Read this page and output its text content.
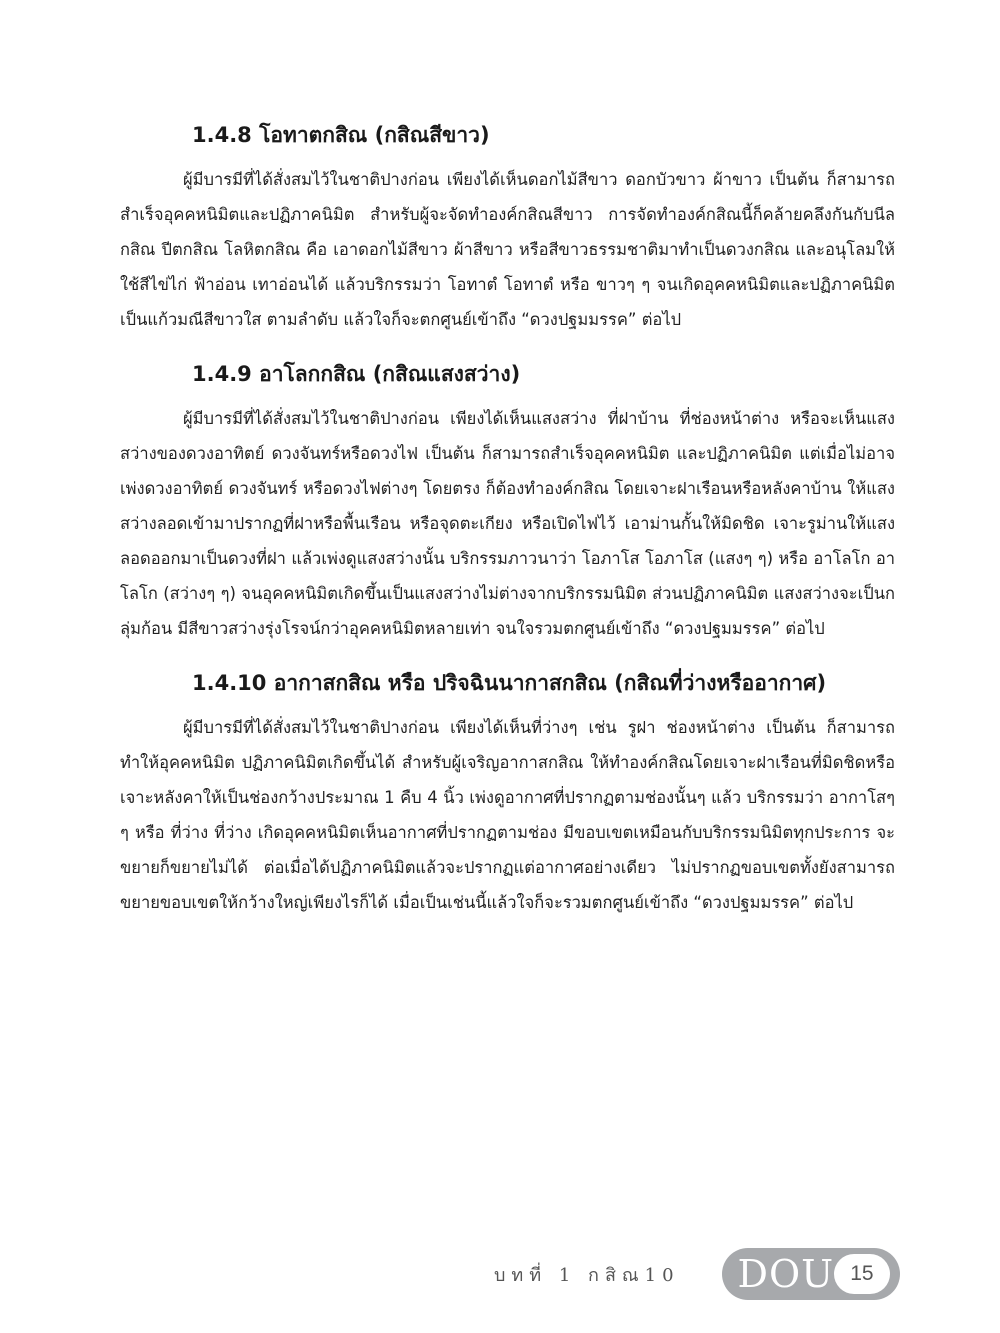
1.4.8 โอทาตกสิณ (กสิณสีขาว)

ผู้มีบารมีที่ได้สั่งสมไว้ในชาติปางก่อน เพียงได้เห็นดอกไม้สีขาว ดอกบัวขาว ผ้าขาว เป็นต้น ก็สามารถสำเร็จอุคคหนิมิตและปฏิภาคนิมิต สำหรับผู้จะจัดทำองค์กสิณสีขาว การจัดทำองค์กสิณนี้ก็คล้ายคลึงกันกับนีลกสิณ ปีตกสิณ โลหิตกสิณ คือ เอาดอกไม้สีขาว ผ้าสีขาว หรือสีขาวธรรมชาติมาทำเป็นดวงกสิณ และอนุโลมให้ใช้สีไข่ไก่ ฟ้าอ่อน เทาอ่อนได้ แล้วบริกรรมว่า โอทาตํ โอทาตํ หรือ ขาวๆ ๆ จนเกิดอุคคหนิมิตและปฏิภาคนิมิตเป็นแก้วมณีสีขาวใส ตามลำดับ แล้วใจก็จะตกศูนย์เข้าถึง “ดวงปฐมมรรค” ต่อไป

1.4.9 อาโลกกสิณ (กสิณแสงสว่าง)

ผู้มีบารมีที่ได้สั่งสมไว้ในชาติปางก่อน เพียงได้เห็นแสงสว่าง ที่ฝาบ้าน ที่ช่องหน้าต่าง หรือจะเห็นแสงสว่างของดวงอาทิตย์ ดวงจันทร์หรือดวงไฟ เป็นต้น ก็สามารถสำเร็จอุคคหนิมิต และปฏิภาคนิมิต แต่เมื่อไม่อาจเพ่งดวงอาทิตย์ ดวงจันทร์ หรือดวงไฟต่างๆ โดยตรง ก็ต้องทำองค์กสิณ โดยเจาะฝาเรือนหรือหลังคาบ้าน ให้แสงสว่างลอดเข้ามาปรากฏที่ฝาหรือพื้นเรือน หรือจุดตะเกียง หรือเปิดไฟไว้ เอาม่านกั้นให้มิดชิด เจาะรูม่านให้แสงลอดออกมาเป็นดวงที่ฝา แล้วเพ่งดูแสงสว่างนั้น บริกรรมภาวนาว่า โอภาโส โอภาโส (แสงๆ ๆ) หรือ อาโลโก อาโลโก (สว่างๆ ๆ) จนอุคคหนิมิตเกิดขึ้นเป็นแสงสว่างไม่ต่างจากบริกรรมนิมิต ส่วนปฏิภาคนิมิต แสงสว่างจะเป็นกลุ่มก้อน มีสีขาวสว่างรุ่งโรจน์กว่าอุคคหนิมิตหลายเท่า จนใจรวมตกศูนย์เข้าถึง “ดวงปฐมมรรค” ต่อไป

1.4.10 อากาสกสิณ หรือ ปริจฉินนากาสกสิณ (กสิณที่ว่างหรืออากาศ)

ผู้มีบารมีที่ได้สั่งสมไว้ในชาติปางก่อน เพียงได้เห็นที่ว่างๆ เช่น รูฝา ช่องหน้าต่าง เป็นต้น ก็สามารถทำให้อุคคหนิมิต ปฏิภาคนิมิตเกิดขึ้นได้ สำหรับผู้เจริญอากาสกสิณ ให้ทำองค์กสิณโดยเจาะฝาเรือนที่มิดชิดหรือ เจาะหลังคาให้เป็นช่องกว้างประมาณ 1 คืบ 4 นิ้ว เพ่งดูอากาศที่ปรากฏตามช่องนั้นๆ แล้ว บริกรรมว่า อากาโสๆ ๆ หรือ ที่ว่าง ที่ว่าง เกิดอุคคหนิมิตเห็นอากาศที่ปรากฏตามช่อง มีขอบเขตเหมือนกับบริกรรมนิมิตทุกประการ จะขยายก็ขยายไม่ได้ ต่อเมื่อได้ปฏิภาคนิมิตแล้วจะปรากฏแต่อากาศอย่างเดียว ไม่ปรากฏขอบเขตทั้งยังสามารถขยายขอบเขตให้กว้างใหญ่เพียงไรก็ได้ เมื่อเป็นเช่นนี้แล้วใจก็จะรวมตกศูนย์เข้าถึง “ดวงปฐมมรรค” ต่อไป

บทที่ 1 กสิณ10 DOU 15
